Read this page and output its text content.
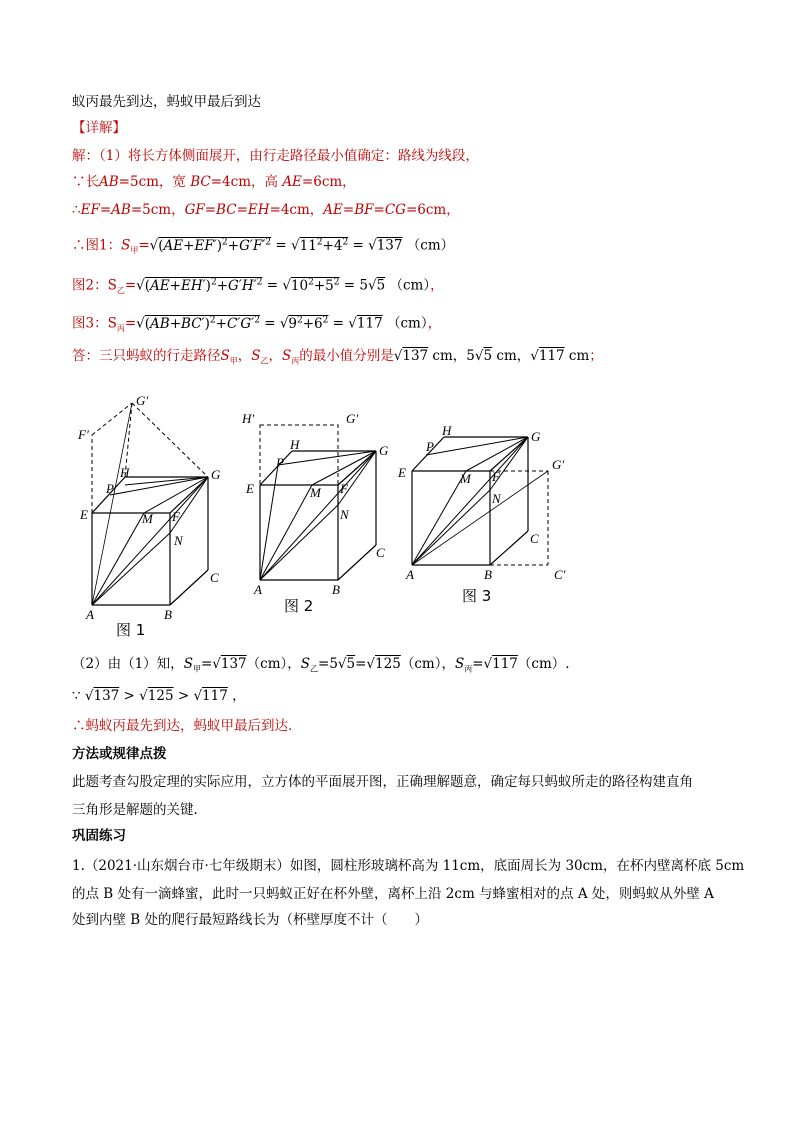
蚁丙最先到达，蚂蚁甲最后到达
【详解】
解：（1）将长方体侧面展开，由行走路径最小值确定：路线为线段，
∵长AB=5cm，宽 BC=4cm，高 AE=6cm，
∴EF=AB=5cm，GF=BC=EH=4cm，AE=BF=CG=6cm，
∴图1：$S_甲=√(AE+EF')^2+G'F'^2 = √11^2+4^2 = √137$ （cm）
图2：$S_乙=√(AE+EH')^2+G'H'^2 = √10^2+5^2 = 5√5$ （cm），
图3：$S_丙=√(AB+BC')^2+C'G'^2 = √9^2+6^2 = √117$ （cm），
答：三只蚂蚁的行走路径$S_甲$，$S_乙$，$S_丙$的最小值分别是√137 cm，5√5 cm，√117 cm；
F′
G′
H
P
E	M F
N
G
C
B
A
图 1
H′	G′
H
P
E	M F
N
G
C
B
A
图 2
H
P
G
E	M F
G′
N
C
C′
B
A
图 3
（2）由（1）知，$S_甲=√137(cm)$，$S_乙=5√5=√125(cm)$，$S_丙=√117(cm)$.
∵ √137 > √125 > √117 ，
∴蚂蚁丙最先到达，蚂蚁甲最后到达.
方法或规律点拨
此题考查勾股定理的实际应用，立方体的平面展开图，正确理解题意，确定每只蚂蚁所走的路径构建直角
三角形是解题的关键.
巩固练习
1.（2021·山东烟台市·七年级期末）如图，圆柱形玻璃杯高为 11cm，底面周长为 30cm，在杯内壁离杯底 5cm
的点 B 处有一滴蜂蜜，此时一只蚂蚁正好在杯外壁，离杯上沿 2cm 与蜂蜜相对的点 A 处，则蚂蚁从外壁 A
处到内壁 B 处的爬行最短路线长为（杯壁厚度不计（　　）
